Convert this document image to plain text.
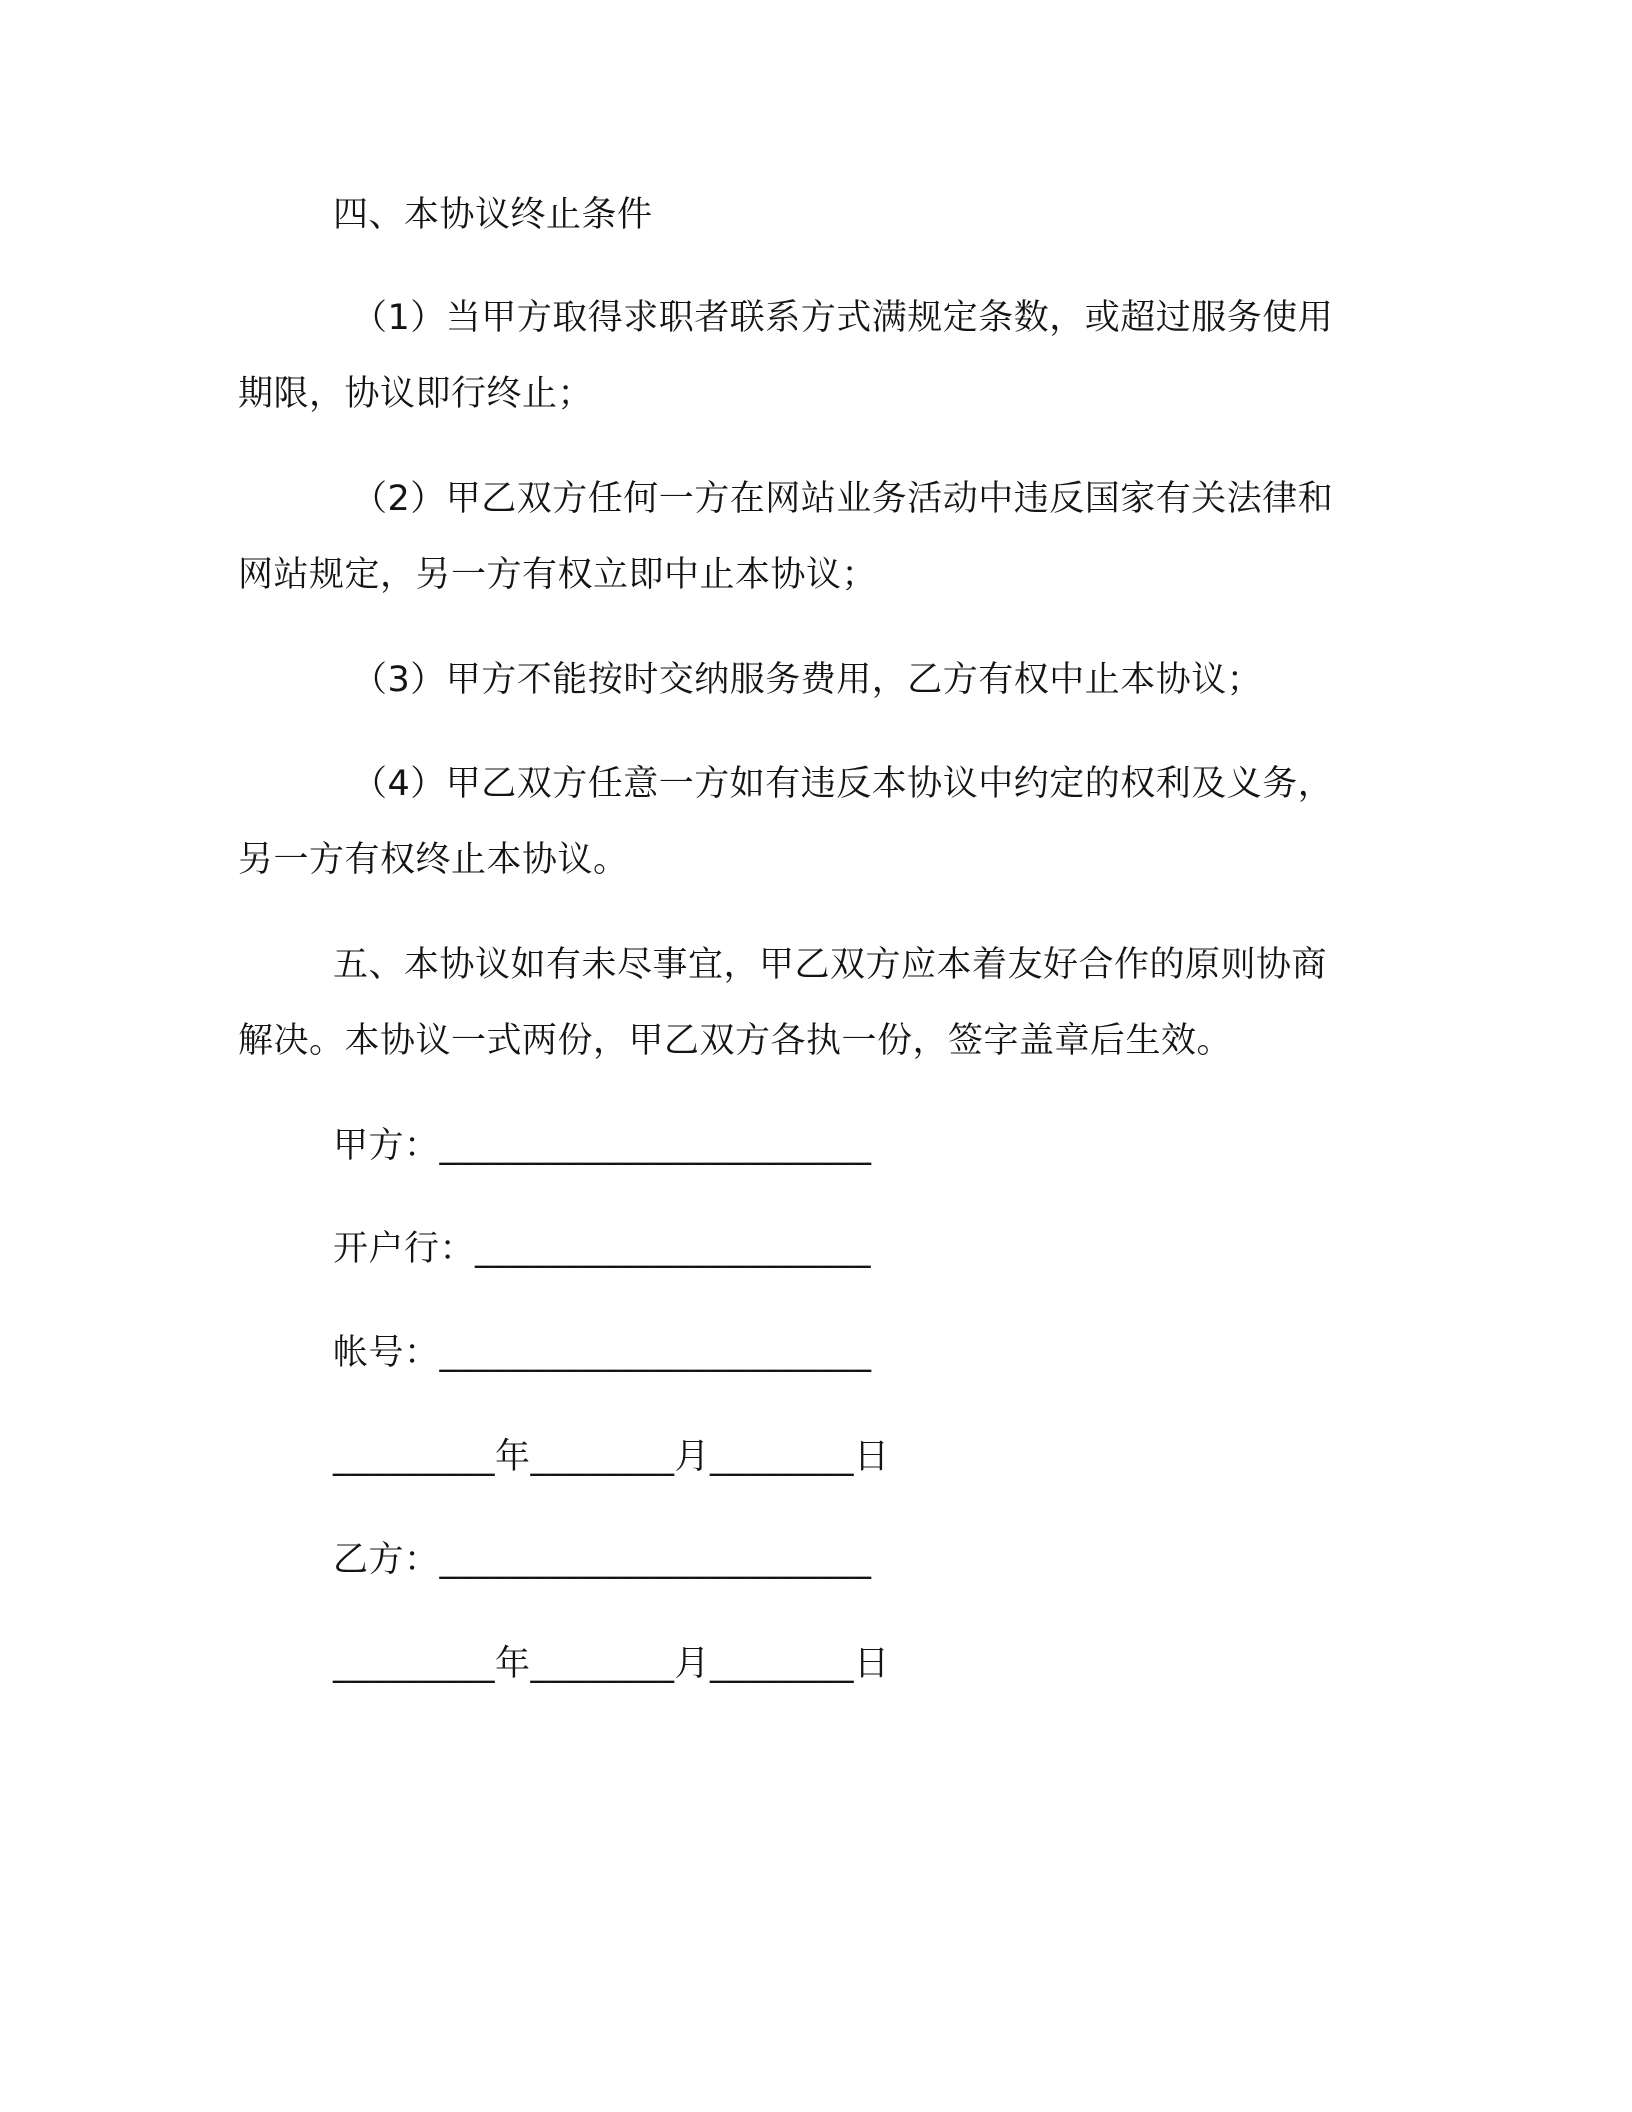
四、本协议终止条件
（1）当甲方取得求职者联系方式满规定条数，或超过服务使用
期限，协议即行终止；
（2）甲乙双方任何一方在网站业务活动中违反国家有关法律和
网站规定，另一方有权立即中止本协议；
（3）甲方不能按时交纳服务费用，乙方有权中止本协议；
（4）甲乙双方任意一方如有违反本协议中约定的权利及义务，
另一方有权终止本协议。
五、本协议如有未尽事宜，甲乙双方应本着友好合作的原则协商
解决。本协议一式两份，甲乙双方各执一份，签字盖章后生效。
甲方：________________________
开户行：______________________
帐号：________________________
_________年________月________日
乙方：________________________
_________年________月________日
